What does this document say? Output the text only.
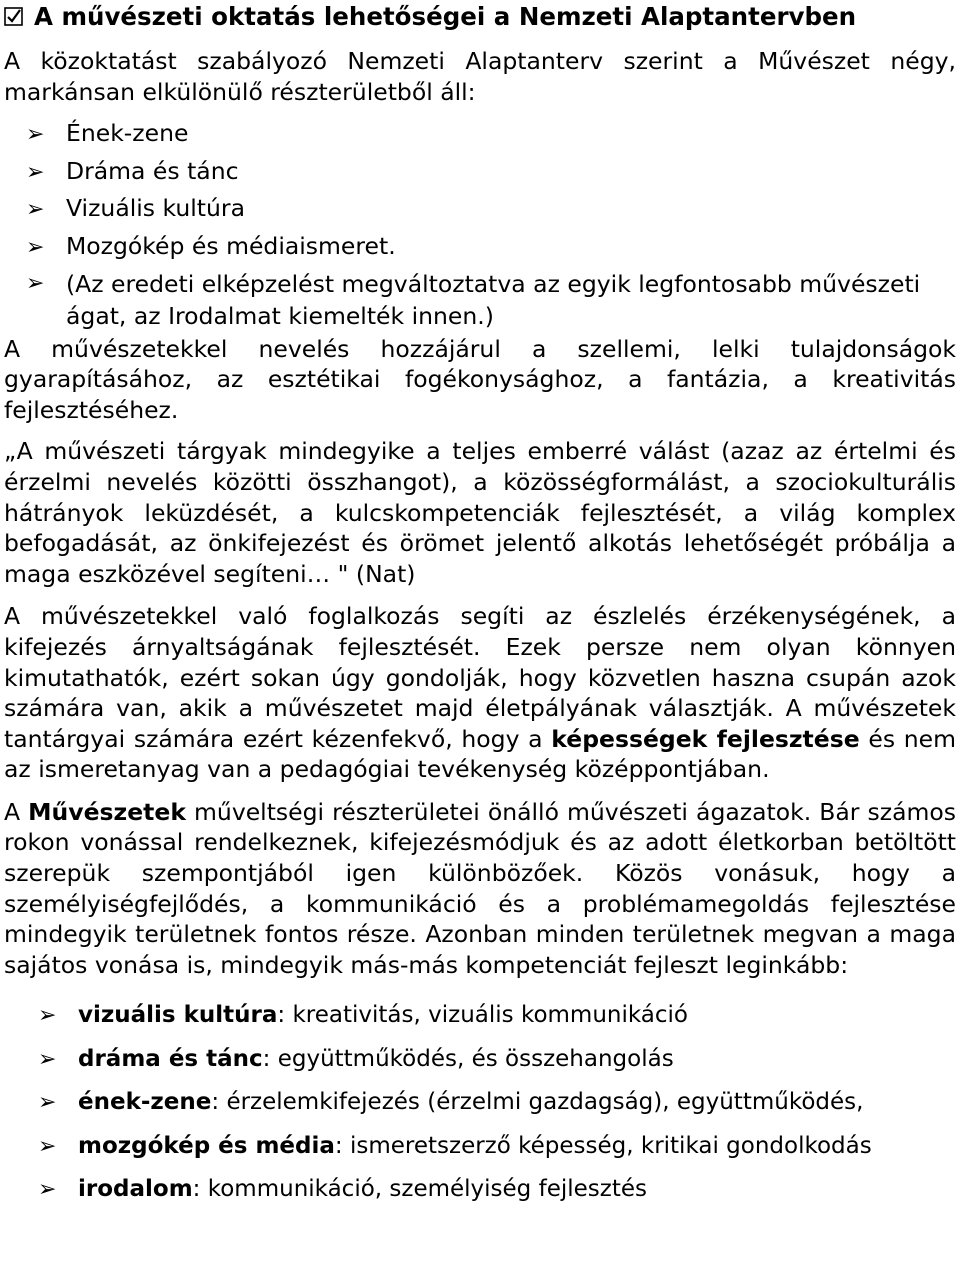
A művészeti oktatás lehetőségei a Nemzeti Alaptantervben

A közoktatást szabályozó Nemzeti Alaptanterv szerint a Művészet négy, markánsan elkülönülő részterületből áll:

➢ Ének-zene
➢ Dráma és tánc
➢ Vizuális kultúra
➢ Mozgókép és médiaismeret.
➢ (Az eredeti elképzelést megváltoztatva az egyik legfontosabb művészeti ágat, az Irodalmat kiemelték innen.)

A művészetekkel nevelés hozzájárul a szellemi, lelki tulajdonságok gyarapításához, az esztétikai fogékonysághoz, a fantázia, a kreativitás fejlesztéséhez.

„A művészeti tárgyak mindegyike a teljes emberré válást (azaz az értelmi és érzelmi nevelés közötti összhangot), a közösségformálást, a szociokulturális hátrányok leküzdését, a kulcskompetenciák fejlesztését, a világ komplex befogadását, az önkifejezést és örömet jelentő alkotás lehetőségét próbálja a maga eszközével segíteni… " (Nat)

A művészetekkel való foglalkozás segíti az észlelés érzékenységének, a kifejezés árnyaltságának fejlesztését. Ezek persze nem olyan könnyen kimutathatók, ezért sokan úgy gondolják, hogy közvetlen haszna csupán azok számára van, akik a művészetet majd életpályának választják. A művészetek tantárgyai számára ezért kézenfekvő, hogy a képességek fejlesztése és nem az ismeretanyag van a pedagógiai tevékenység középpontjában.

A Művészetek műveltségi részterületei önálló művészeti ágazatok. Bár számos rokon vonással rendelkeznek, kifejezésmódjuk és az adott életkorban betöltött szerepük szempontjából igen különbözőek. Közös vonásuk, hogy a személyiségfejlődés, a kommunikáció és a problémamegoldás fejlesztése mindegyik területnek fontos része. Azonban minden területnek megvan a maga sajátos vonása is, mindegyik más-más kompetenciát fejleszt leginkább:

➢ vizuális kultúra: kreativitás, vizuális kommunikáció
➢ dráma és tánc: együttműködés, és összehangolás
➢ ének-zene: érzelemkifejezés (érzelmi gazdagság), együttműködés,
➢ mozgókép és média: ismeretszerző képesség, kritikai gondolkodás
➢ irodalom: kommunikáció, személyiség fejlesztés
